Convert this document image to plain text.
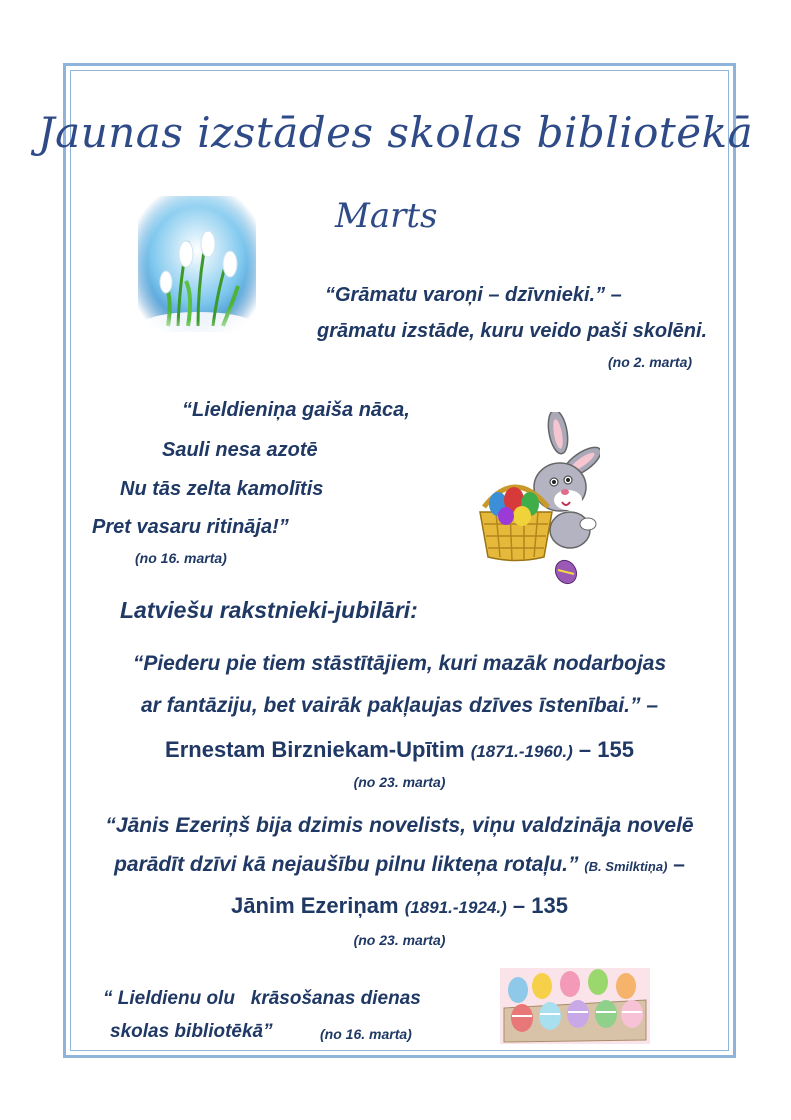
Jaunas izstādes skolas bibliotēkā
Marts
“Grāmatu varoņi – dzīvnieki.” –
grāmatu izstāde, kuru veido paši skolēni.
(no 2. marta)
“Lieldieniņa gaiša nāca,
Sauli nesa azotē
Nu tās zelta kamolītis
Pret vasaru ritināja!”
(no 16. marta)
Latviešu rakstnieki-jubilāri:
“Piederu pie tiem stāstītājiem, kuri mazāk nodarbojas
ar fantāziju, bet vairāk pakļaujas dzīves īstenībai.” –
Ernestam Birzniekam-Upītim (1871.-1960.) – 155
(no 23. marta)
“Jānis Ezeriņš bija dzimis novelists, viņu valdzināja novelē
parādīt dzīvi kā nejaušību pilnu likteņa rotaļu.” (B. Smilktiņa) –
Jānim Ezeriņam (1891.-1924.) – 135
(no 23. marta)
“ Lieldienu olu   krāsošanas dienas
skolas bibliotēkā”	(no 16. marta)
